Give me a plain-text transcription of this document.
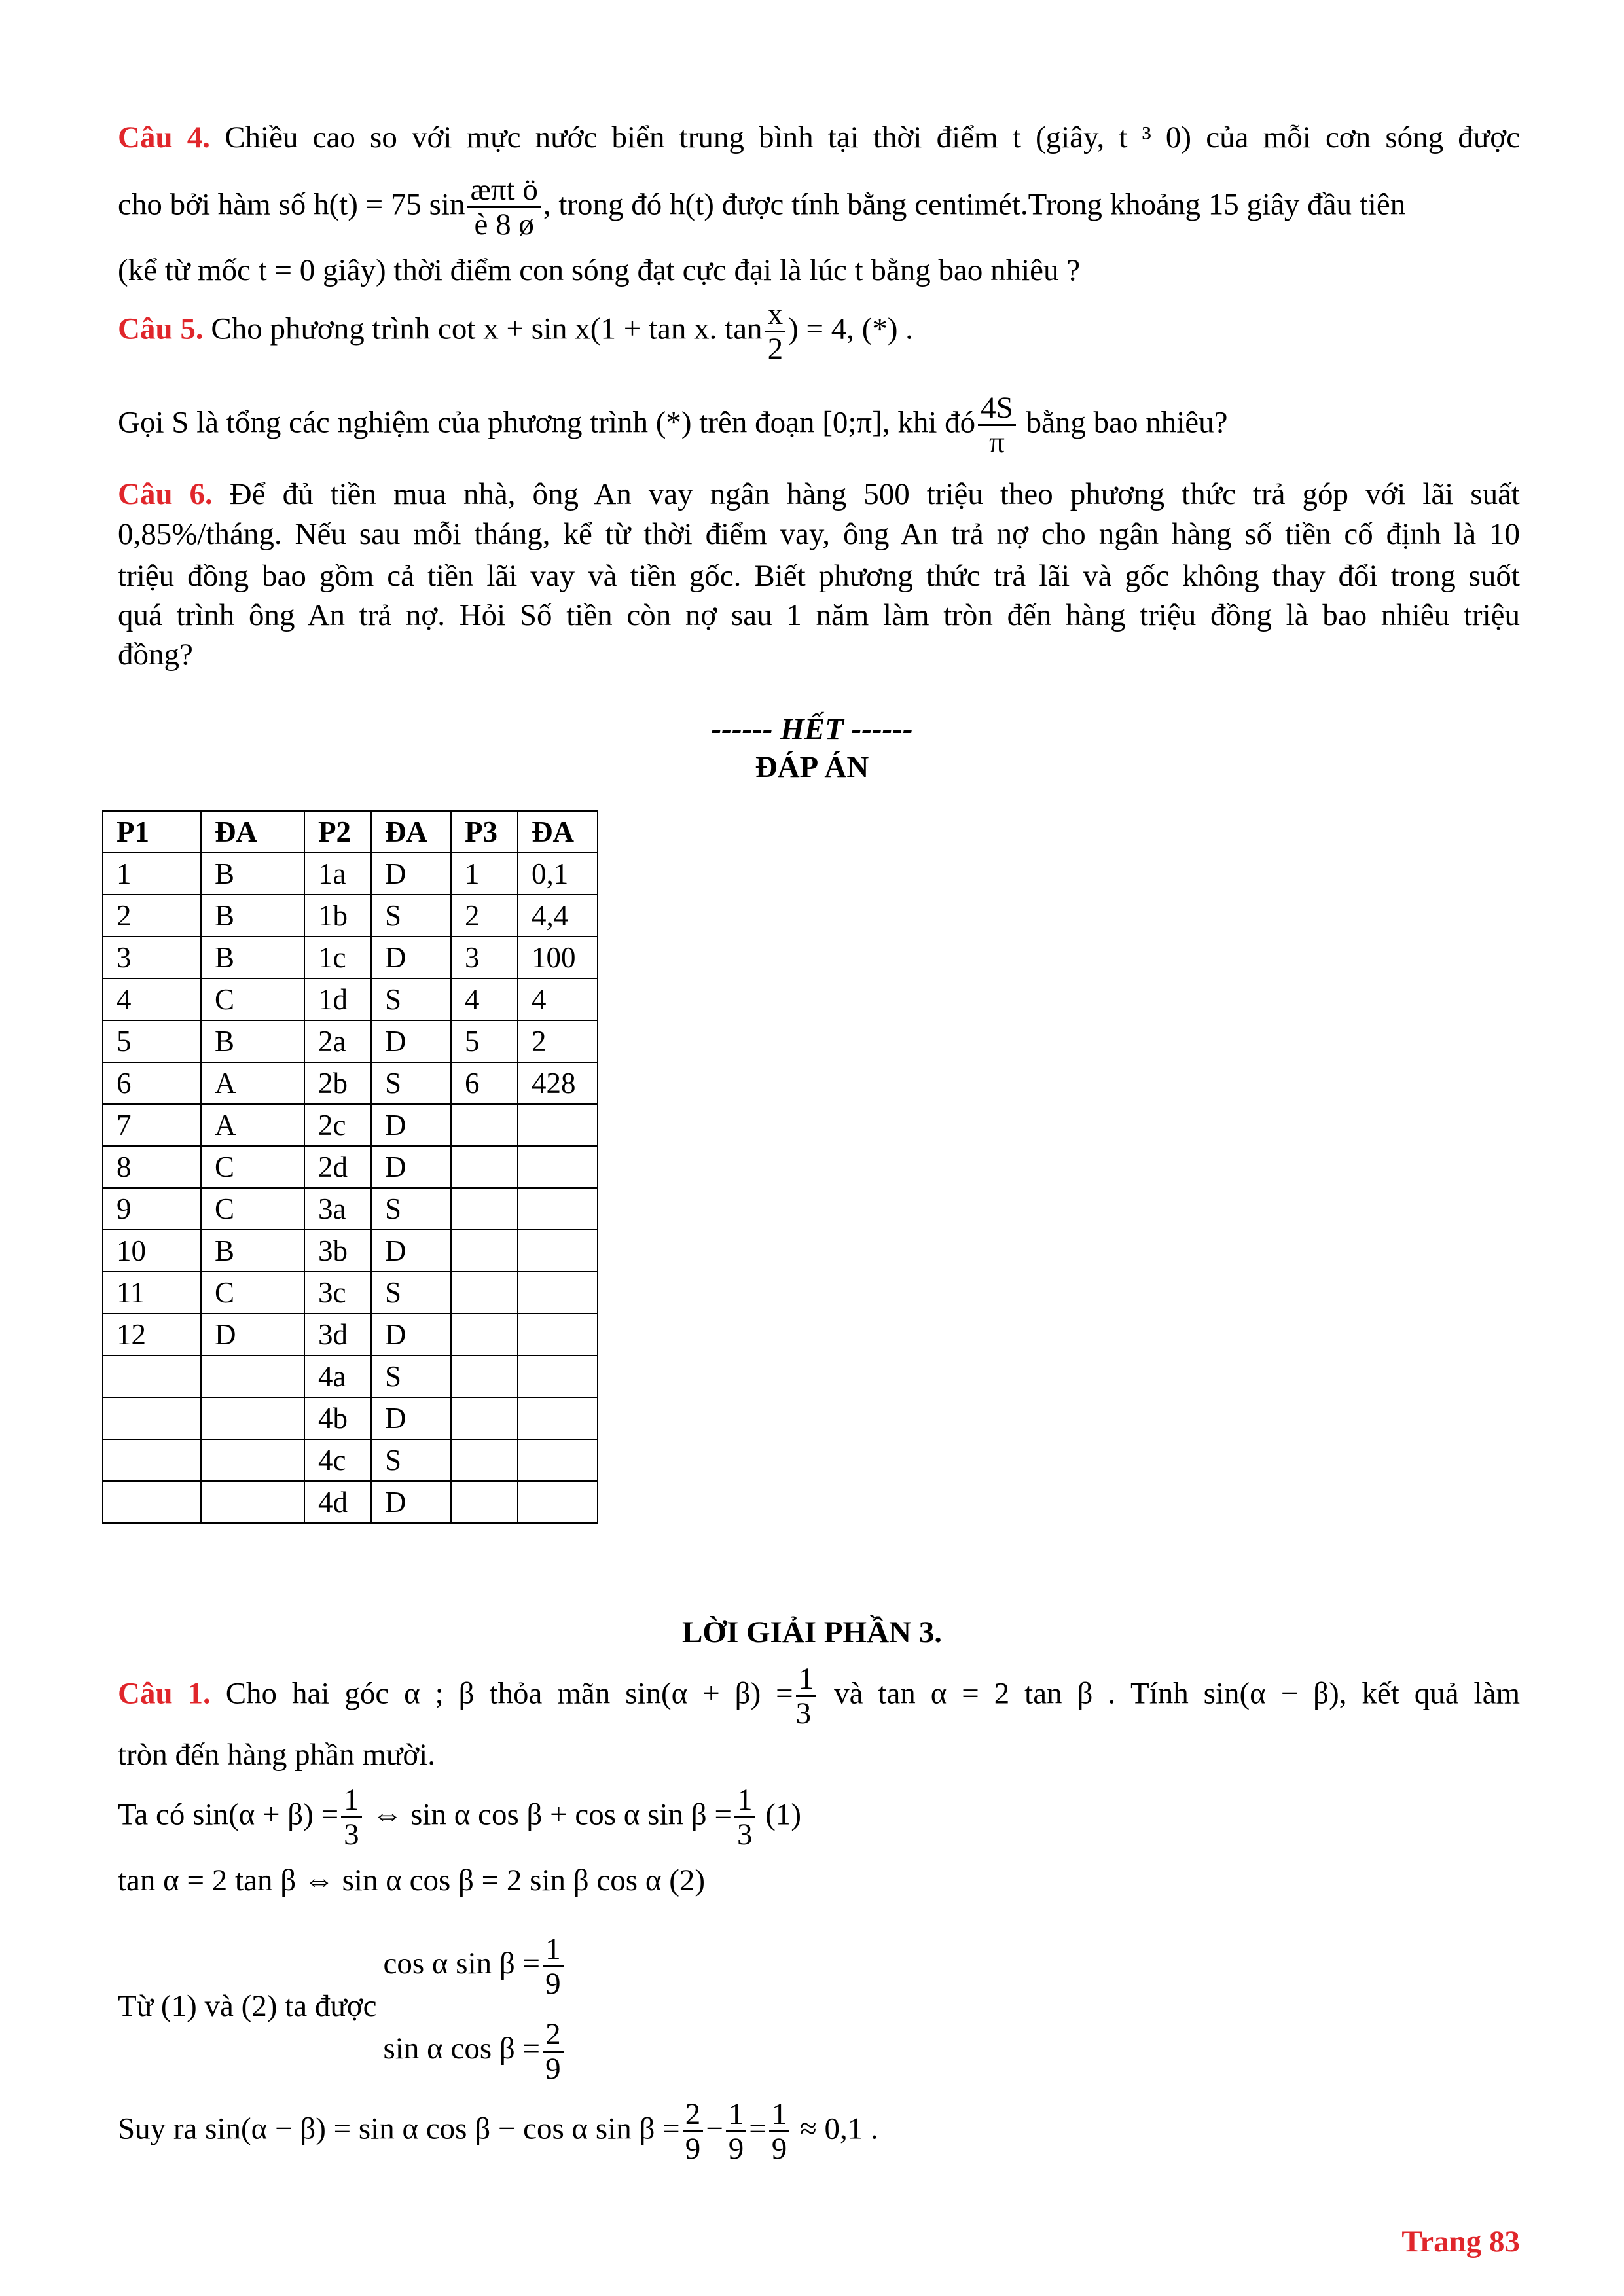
Câu 4. Chiều cao so với mực nước biển trung bình tại thời điểm t (giây, t ³ 0) của mỗi cơn sóng được
cho bởi hàm số h(t) = 75 $\sin \frac{\text{æπt ö}}{è 8 ø}$ , trong đó h(t) được tính bằng centimét.Trong khoảng 15 giây đầu tiên
(kể từ mốc t = 0 giây) thời điểm con sóng đạt cực đại là lúc t bằng bao nhiêu ?
Câu 5. Cho phương trình cot x + sin x(1 + tan x. $\tan \frac{x}{2}$ ) = 4, (*) .
Gọi S là tổng các nghiệm của phương trình (*) trên đoạn [0;π], khi đó $\frac{4S}{\pi}$ bằng bao nhiêu?
Câu 6. Để đủ tiền mua nhà, ông An vay ngân hàng 500 triệu theo phương thức trả góp với lãi suất
0,85%/tháng. Nếu sau mỗi tháng, kể từ thời điểm vay, ông An trả nợ cho ngân hàng số tiền cố định là 10
triệu đồng bao gồm cả tiền lãi vay và tiền gốc. Biết phương thức trả lãi và gốc không thay đổi trong suốt
quá trình ông An trả nợ. Hỏi Số tiền còn nợ sau 1 năm làm tròn đến hàng triệu đồng là bao nhiêu triệu
đồng?
------ HẾT ------
ĐÁP ÁN
P1	ĐA	P2	ĐA	P3	ĐA
1	B	1a	D	1	0,1
2	B	1b	S	2	4,4
3	B	1c	D	3	100
4	C	1d	S	4	4
5	B	2a	D	5	2
6	A	2b	S	6	428
7	A	2c	D		
8	C	2d	D		
9	C	3a	S		
10	B	3b	D		
11	C	3c	S		
12	D	3d	D		
		4a	S		
		4b	D		
		4c	S		
		4d	D		
LỜI GIẢI PHẦN 3.
Câu 1. Cho hai góc α ; β thỏa mãn $\sin(\alpha + \beta) = \frac{1}{3}$ và tan α = 2 tan β . Tính sin(α − β), kết quả làm
tròn đến hàng phần mười.
Ta có $\sin(\alpha + \beta) = \frac{1}{3}$ ⇔ sin α cos β + cos α $\sin \beta = \frac{1}{3} (1)$
tan α = 2 tan β ⇔ sin α cos β = 2 sin β cos α (2)
Từ (1) và (2) ta được
cos α $\sin \beta = \frac{1}{9}$
sin α $\cos \beta = \frac{2}{9}$
Suy ra sin(α − β) = sin α cos β − cos α $\sin \beta = \frac{2}{9} - \frac{1}{9} = \frac{1}{9} \approx 0,1$ .
Trang 83
